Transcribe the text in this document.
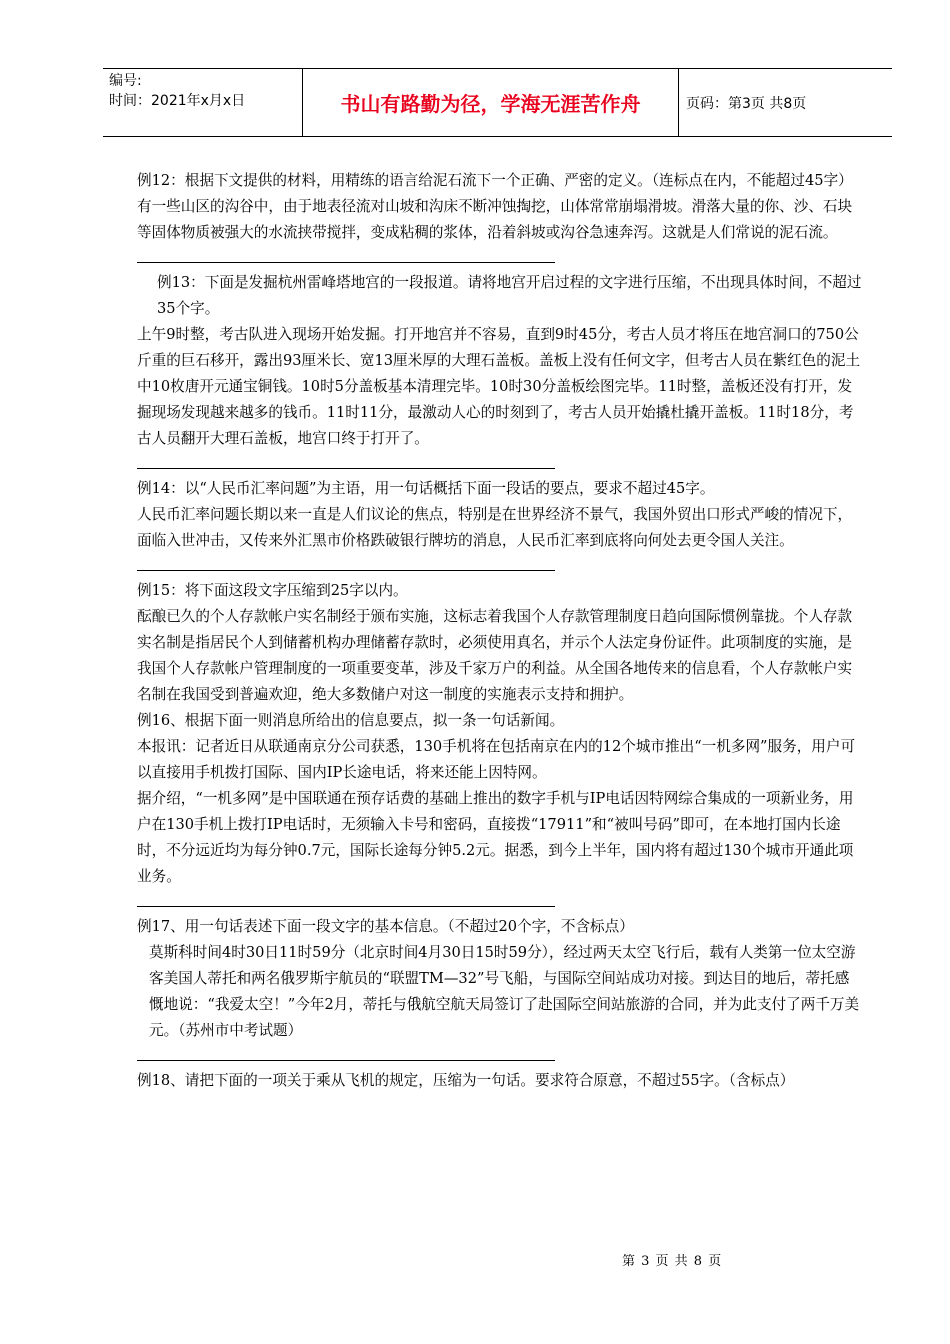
编号:
时间：2021年x月x日	书山有路勤为径，学海无涯苦作舟	页码：第3页 共8页

例12：根据下文提供的材料，用精练的语言给泥石流下一个正确、严密的定义。（连标点在内，不能超过45字）

有一些山区的沟谷中，由于地表径流对山坡和沟床不断冲蚀掏挖，山体常常崩塌滑坡。滑落大量的你、沙、石块等固体物质被强大的水流挟带搅拌，变成粘稠的浆体，沿着斜坡或沟谷急速奔泻。这就是人们常说的泥石流。

例13：下面是发掘杭州雷峰塔地宫的一段报道。请将地宫开启过程的文字进行压缩，不出现具体时间，不超过35个字。

上午9时整，考古队进入现场开始发掘。打开地宫并不容易，直到9时45分，考古人员才将压在地宫洞口的750公斤重的巨石移开，露出93厘米长、宽13厘米厚的大理石盖板。盖板上没有任何文字，但考古人员在紫红色的泥土中10枚唐开元通宝铜钱。10时5分盖板基本清理完毕。10时30分盖板绘图完毕。11时整，盖板还没有打开，发掘现场发现越来越多的钱币。11时11分，最激动人心的时刻到了，考古人员开始撬杜撬开盖板。11时18分，考古人员翻开大理石盖板，地宫口终于打开了。

例14：以“人民币汇率问题”为主语，用一句话概括下面一段话的要点，要求不超过45字。

人民币汇率问题长期以来一直是人们议论的焦点，特别是在世界经济不景气，我国外贸出口形式严峻的情况下，面临入世冲击，又传来外汇黑市价格跌破银行牌坊的消息，人民币汇率到底将向何处去更令国人关注。

例15：将下面这段文字压缩到25字以内。

酝酿已久的个人存款帐户实名制经于颁布实施，这标志着我国个人存款管理制度日趋向国际惯例靠拢。个人存款实名制是指居民个人到储蓄机构办理储蓄存款时，必须使用真名，并示个人法定身份证件。此项制度的实施，是我国个人存款帐户管理制度的一项重要变革，涉及千家万户的利益。从全国各地传来的信息看，个人存款帐户实名制在我国受到普遍欢迎，绝大多数储户对这一制度的实施表示支持和拥护。

例16、根据下面一则消息所给出的信息要点，拟一条一句话新闻。

本报讯：记者近日从联通南京分公司获悉，130手机将在包括南京在内的12个城市推出“一机多网”服务，用户可以直接用手机拨打国际、国内IP长途电话，将来还能上因特网。

据介绍，“一机多网”是中国联通在预存话费的基础上推出的数字手机与IP电话因特网综合集成的一项新业务，用户在130手机上拨打IP电话时，无须输入卡号和密码，直接拨“17911”和“被叫号码”即可，在本地打国内长途时，不分远近均为每分钟0.7元，国际长途每分钟5.2元。据悉，到今上半年，国内将有超过130个城市开通此项业务。

例17、用一句话表述下面一段文字的基本信息。（不超过20个字，不含标点）

莫斯科时间4时30日11时59分（北京时间4月30日15时59分），经过两天太空飞行后，载有人类第一位太空游客美国人蒂托和两名俄罗斯宇航员的“联盟TM—32”号飞船，与国际空间站成功对接。到达目的地后，蒂托感慨地说：“我爱太空！”今年2月，蒂托与俄航空航天局签订了赴国际空间站旅游的合同，并为此支付了两千万美元。（苏州市中考试题）

例18、请把下面的一项关于乘从飞机的规定，压缩为一句话。要求符合原意，不超过55字。（含标点）

第 3 页 共 8 页
